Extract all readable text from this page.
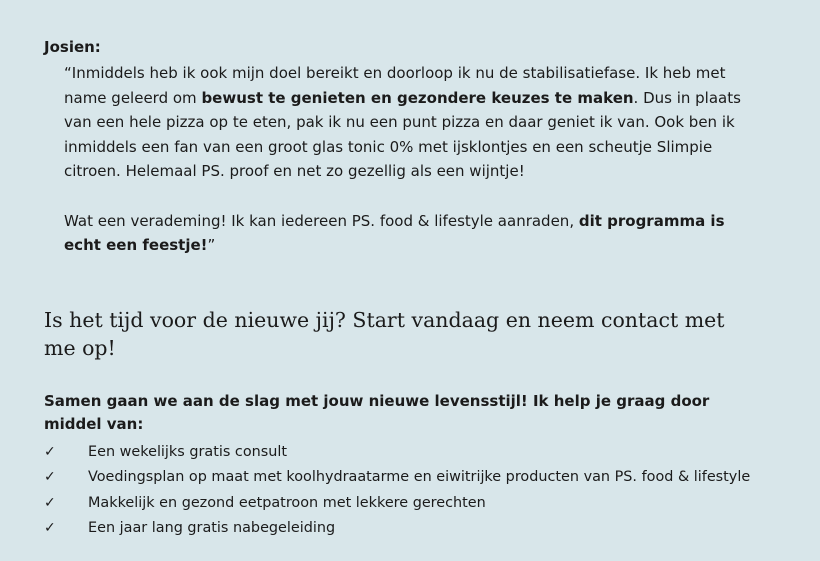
Josien:

“Inmiddels heb ik ook mijn doel bereikt en doorloop ik nu de stabilisatiefase. Ik heb met name geleerd om bewust te genieten en gezondere keuzes te maken. Dus in plaats van een hele pizza op te eten, pak ik nu een punt pizza en daar geniet ik van. Ook ben ik inmiddels een fan van een groot glas tonic 0% met ijsklontjes en een scheutje Slimpie citroen. Helemaal PS. proof en net zo gezellig als een wijntje!

Wat een verademing! Ik kan iedereen PS. food & lifestyle aanraden, dit programma is echt een feestje!”

Is het tijd voor de nieuwe jij? Start vandaag en neem contact met me op!

Samen gaan we aan de slag met jouw nieuwe levensstijl! Ik help je graag door middel van:

✓	Een wekelijks gratis consult
✓	Voedingsplan op maat met koolhydraatarme en eiwitrijke producten van PS. food & lifestyle
✓	Makkelijk en gezond eetpatroon met lekkere gerechten
✓	Een jaar lang gratis nabegeleiding
